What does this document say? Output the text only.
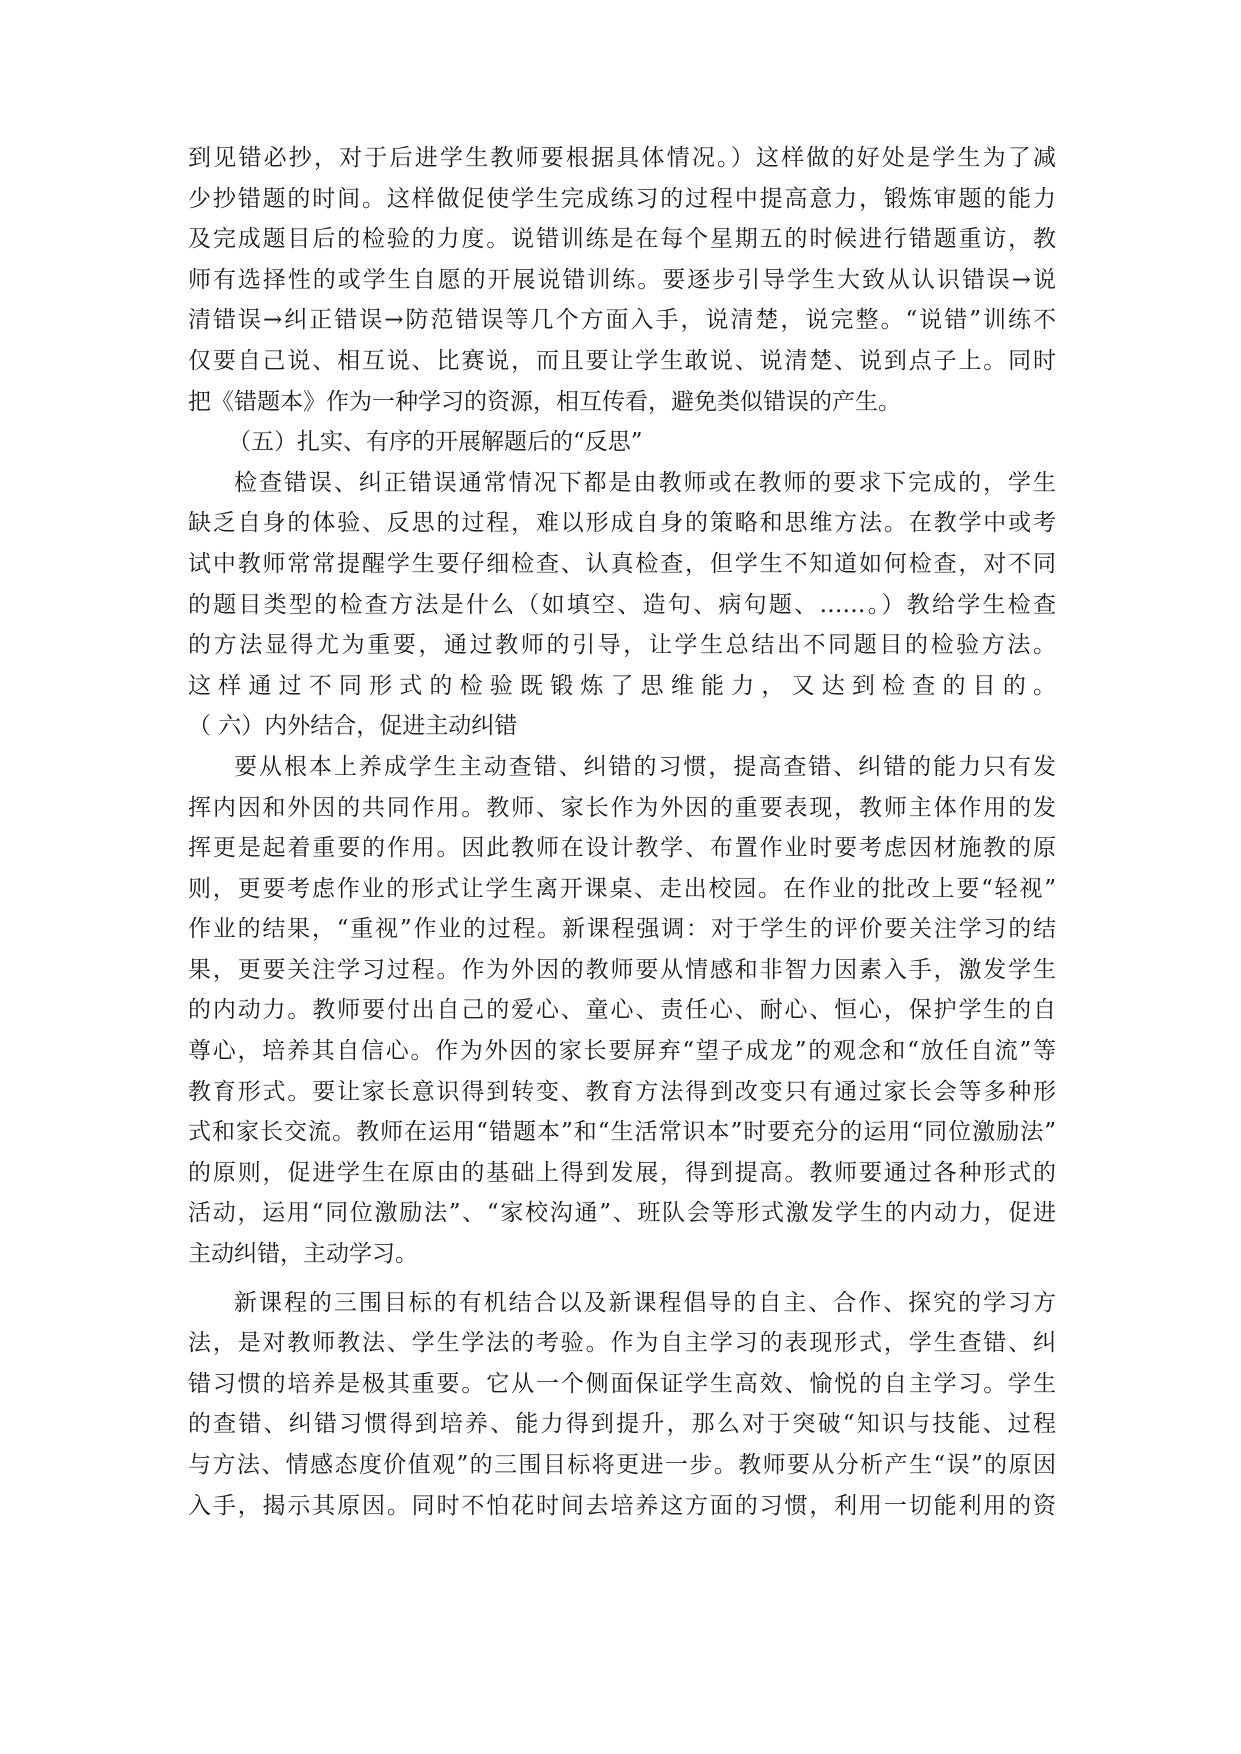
到见错必抄，对于后进学生教师要根据具体情况。）这样做的好处是学生为了减
少抄错题的时间。这样做促使学生完成练习的过程中提高意力，锻炼审题的能力
及完成题目后的检验的力度。说错训练是在每个星期五的时候进行错题重访，教
师有选择性的或学生自愿的开展说错训练。要逐步引导学生大致从认识错误→说
清错误→纠正错误→防范错误等几个方面入手，说清楚，说完整。“说错”训练不
仅要自己说、相互说、比赛说，而且要让学生敢说、说清楚、说到点子上。同时
把《错题本》作为一种学习的资源，相互传看，避免类似错误的产生。
（五）扎实、有序的开展解题后的“反思”
检查错误、纠正错误通常情况下都是由教师或在教师的要求下完成的，学生
缺乏自身的体验、反思的过程，难以形成自身的策略和思维方法。在教学中或考
试中教师常常提醒学生要仔细检查、认真检查，但学生不知道如何检查，对不同
的题目类型的检查方法是什么（如填空、造句、病句题、……。）教给学生检查
的方法显得尤为重要，通过教师的引导，让学生总结出不同题目的检验方法。
这样通过不同形式的检验既锻炼了思维能力，又达到检查的目的。
（ 六）内外结合，促进主动纠错
要从根本上养成学生主动查错、纠错的习惯，提高查错、纠错的能力只有发
挥内因和外因的共同作用。教师、家长作为外因的重要表现，教师主体作用的发
挥更是起着重要的作用。因此教师在设计教学、布置作业时要考虑因材施教的原
则，更要考虑作业的形式让学生离开课桌、走出校园。在作业的批改上要“轻视”
作业的结果，“重视”作业的过程。新课程强调：对于学生的评价要关注学习的结
果，更要关注学习过程。作为外因的教师要从情感和非智力因素入手，激发学生
的内动力。教师要付出自己的爱心、童心、责任心、耐心、恒心，保护学生的自
尊心，培养其自信心。作为外因的家长要屏弃“望子成龙”的观念和“放任自流”等
教育形式。要让家长意识得到转变、教育方法得到改变只有通过家长会等多种形
式和家长交流。教师在运用“错题本”和“生活常识本”时要充分的运用“同位激励法”
的原则，促进学生在原由的基础上得到发展，得到提高。教师要通过各种形式的
活动，运用“同位激励法”、“家校沟通”、班队会等形式激发学生的内动力，促进
主动纠错，主动学习。
新课程的三围目标的有机结合以及新课程倡导的自主、合作、探究的学习方
法，是对教师教法、学生学法的考验。作为自主学习的表现形式，学生查错、纠
错习惯的培养是极其重要。它从一个侧面保证学生高效、愉悦的自主学习。学生
的查错、纠错习惯得到培养、能力得到提升，那么对于突破“知识与技能、过程
与方法、情感态度价值观”的三围目标将更进一步。教师要从分析产生“误”的原因
入手，揭示其原因。同时不怕花时间去培养这方面的习惯，利用一切能利用的资
